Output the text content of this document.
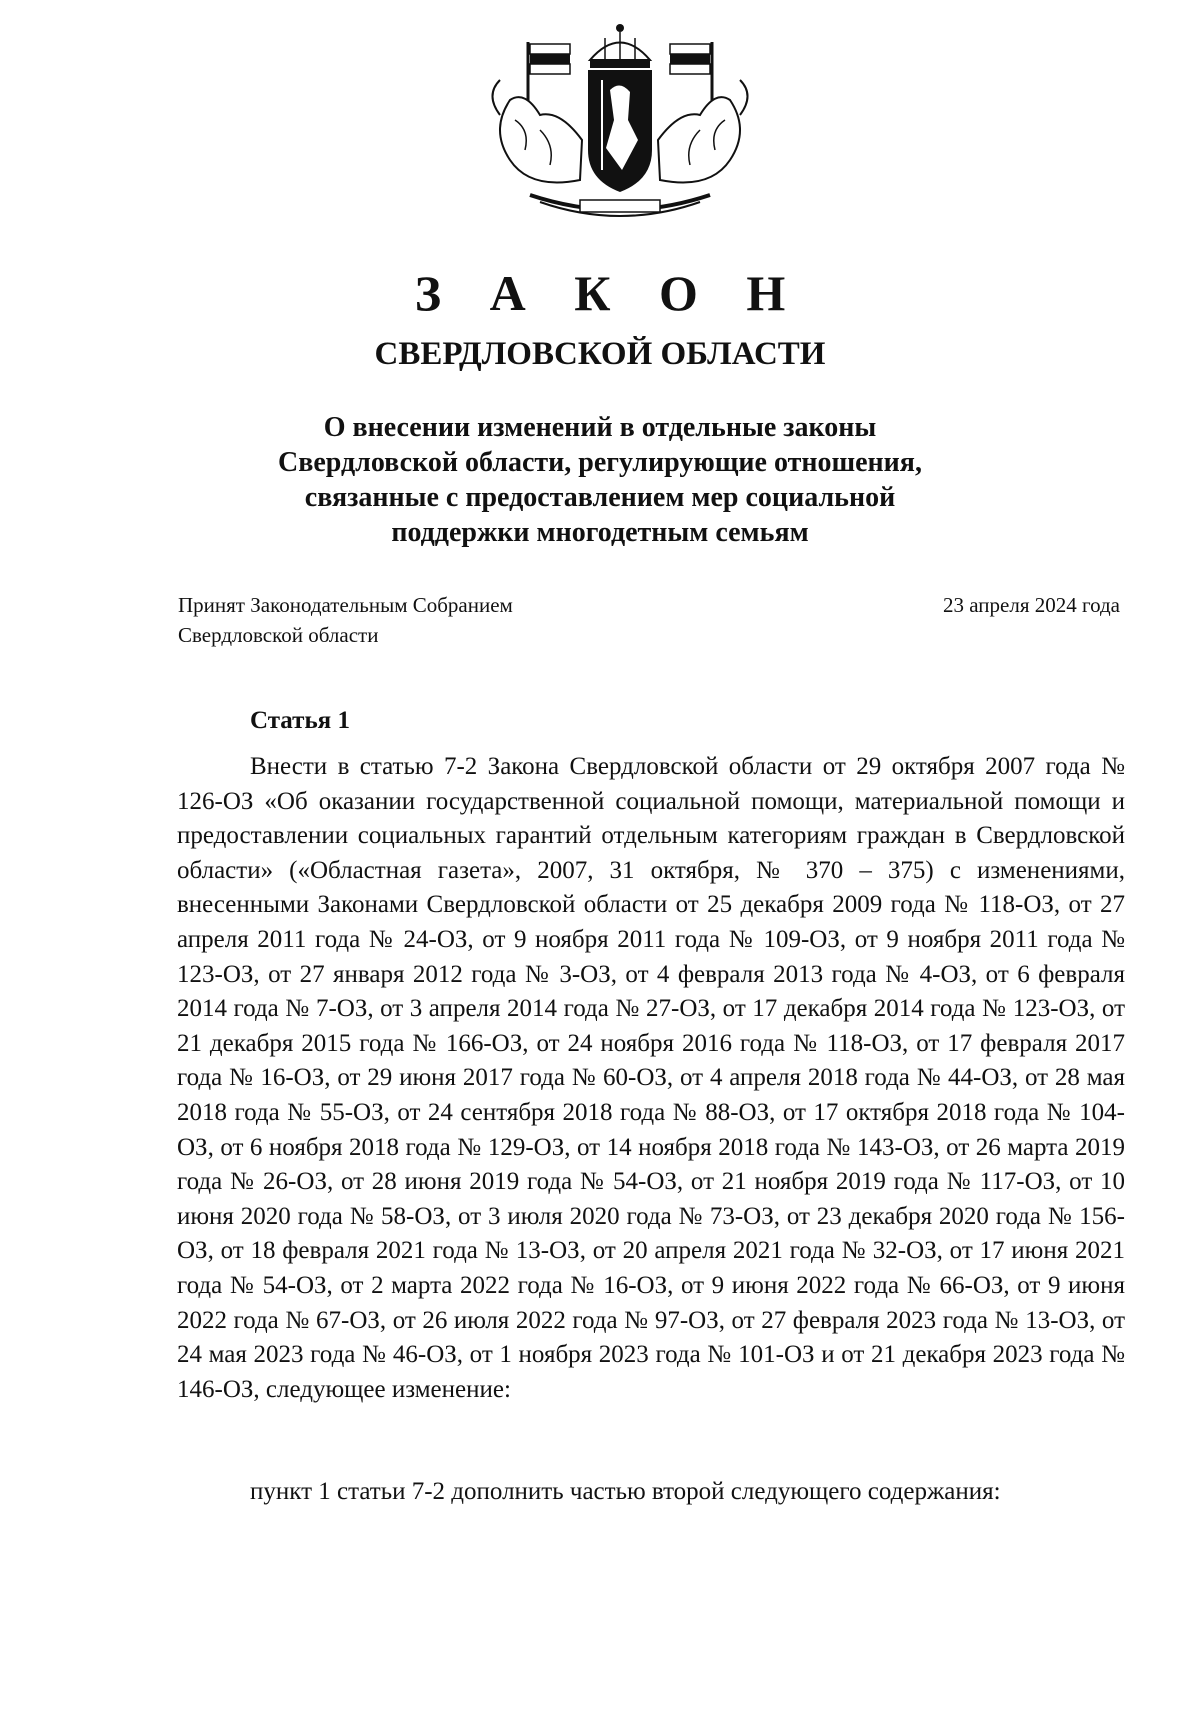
З А К О Н
СВЕРДЛОВСКОЙ ОБЛАСТИ
О внесении изменений в отдельные законы
Свердловской области, регулирующие отношения,
связанные с предоставлением мер социальной
поддержки многодетным семьям
Принят Законодательным Собранием
Свердловской области
23 апреля 2024 года
Статья 1
Внести в статью 7-2 Закона Свердловской области от 29 октября 2007 года № 126-ОЗ «Об оказании государственной социальной помощи, материальной помощи и предоставлении социальных гарантий отдельным категориям граждан в Свердловской области» («Областная газета», 2007, 31 октября, № 370 – 375) с изменениями, внесенными Законами Свердловской области от 25 декабря 2009 года № 118-ОЗ, от 27 апреля 2011 года № 24-ОЗ, от 9 ноября 2011 года № 109-ОЗ, от 9 ноября 2011 года № 123-ОЗ, от 27 января 2012 года № 3-ОЗ, от 4 февраля 2013 года № 4-ОЗ, от 6 февраля 2014 года № 7-ОЗ, от 3 апреля 2014 года № 27-ОЗ, от 17 декабря 2014 года № 123-ОЗ, от 21 декабря 2015 года № 166-ОЗ, от 24 ноября 2016 года № 118-ОЗ, от 17 февраля 2017 года № 16-ОЗ, от 29 июня 2017 года № 60-ОЗ, от 4 апреля 2018 года № 44-ОЗ, от 28 мая 2018 года № 55-ОЗ, от 24 сентября 2018 года № 88-ОЗ, от 17 октября 2018 года № 104-ОЗ, от 6 ноября 2018 года № 129-ОЗ, от 14 ноября 2018 года № 143-ОЗ, от 26 марта 2019 года № 26-ОЗ, от 28 июня 2019 года № 54-ОЗ, от 21 ноября 2019 года № 117-ОЗ, от 10 июня 2020 года № 58-ОЗ, от 3 июля 2020 года № 73-ОЗ, от 23 декабря 2020 года № 156-ОЗ, от 18 февраля 2021 года № 13-ОЗ, от 20 апреля 2021 года № 32-ОЗ, от 17 июня 2021 года № 54-ОЗ, от 2 марта 2022 года № 16-ОЗ, от 9 июня 2022 года № 66-ОЗ, от 9 июня 2022 года № 67-ОЗ, от 26 июля 2022 года № 97-ОЗ, от 27 февраля 2023 года № 13-ОЗ, от 24 мая 2023 года № 46-ОЗ, от 1 ноября 2023 года № 101-ОЗ и от 21 декабря 2023 года № 146-ОЗ, следующее изменение:
пункт 1 статьи 7-2 дополнить частью второй следующего содержания:
